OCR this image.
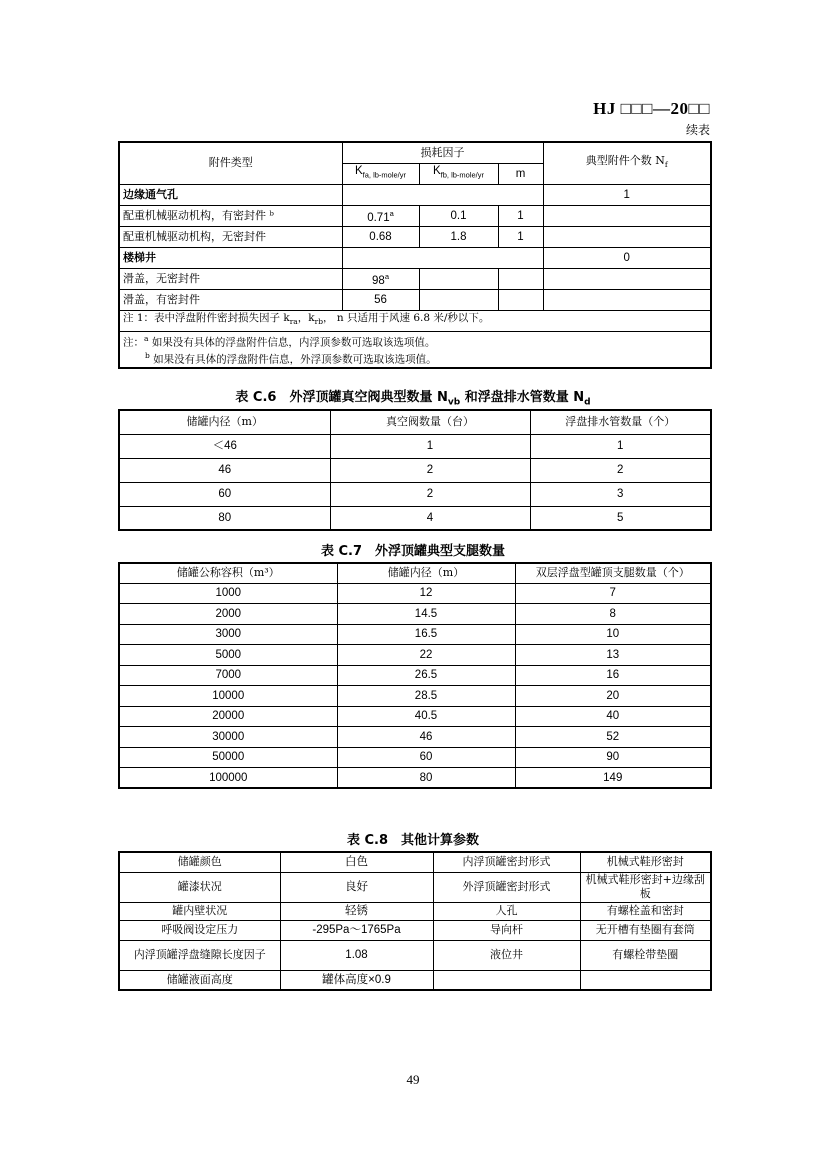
HJ □□□—20□□
续表
附件类型	损耗因子			典型附件个数 $N_f$
	$K_{fa, lb-mole/yr}$	$K_{fb, lb-mole/yr}$	m	
边缘通气孔				1
配重机械驱动机构，有密封件 ᵇ	0.71$^a$	0.1	1	
配重机械驱动机构，无密封件	0.68	1.8	1	
楼梯井				0
滑盖，无密封件	98$^a$			
滑盖，有密封件	56			
注 1：表中浮盘附件密封损失因子 $k_{ra}$，$k_{rb}$， n 只适用于风速 6.8 米/秒以下。				

注：$^a$ 如果没有具体的浮盘附件信息，内浮顶参数可选取该选项值。
$^b$ 如果没有具体的浮盘附件信息，外浮顶参数可选取该选项值。				
表 C.6　外浮顶罐真空阀典型数量 $N_{vb}$ 和浮盘排水管数量 $N_d$
储罐内径（m）	真空阀数量（台）	浮盘排水管数量（个）
＜46	1	1
46	2	2
60	2	3
80	4	5
表 C.7　外浮顶罐典型支腿数量
储罐公称容积（m³）	储罐内径（m）	双层浮盘型罐顶支腿数量（个）
1000	12	7
2000	14.5	8
3000	16.5	10
5000	22	13
7000	26.5	16
10000	28.5	20
20000	40.5	40
30000	46	52
50000	60	90
100000	80	149
表 C.8　其他计算参数
储罐颜色	白色	内浮顶罐密封形式	机械式鞋形密封
罐漆状况	良好	外浮顶罐密封形式	机械式鞋形密封+边缘刮板
罐内壁状况	轻锈	人孔	有螺栓盖和密封
呼吸阀设定压力	-295Pa～1765Pa	导向杆	无开槽有垫圈有套筒
内浮顶罐浮盘缝隙长度因子	1.08	液位井	有螺栓带垫圈
储罐液面高度	罐体高度×0.9		
49
